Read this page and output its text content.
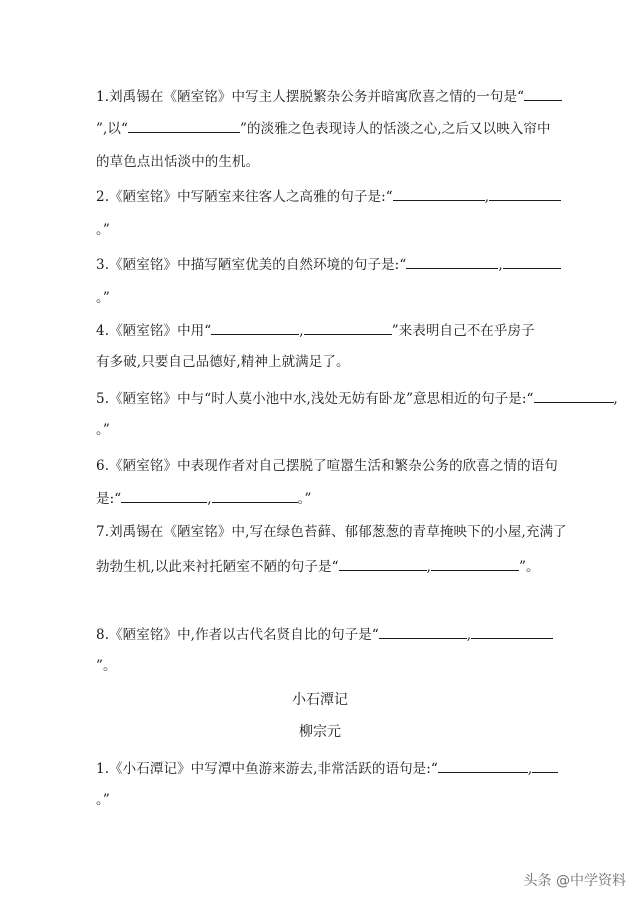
1.刘禹锡在《陋室铭》中写主人摆脱繁杂公务并暗寓欣喜之情的一句是“
”,以“	”的淡雅之色表现诗人的恬淡之心,之后又以映入帘中
的草色点出恬淡中的生机。
2.《陋室铭》中写陋室来往客人之高雅的句子是:“	,
。”
3.《陋室铭》中描写陋室优美的自然环境的句子是:“	,
。”
4.《陋室铭》中用“	,	”来表明自己不在乎房子
有多破,只要自己品德好,精神上就满足了。
5.《陋室铭》中与“时人莫小池中水,浅处无妨有卧龙”意思相近的句子是:“	,
。”
6.《陋室铭》中表现作者对自己摆脱了喧嚣生活和繁杂公务的欣喜之情的语句
是:“	,	。”
7.刘禹锡在《陋室铭》中,写在绿色苔藓、郁郁葱葱的青草掩映下的小屋,充满了
勃勃生机,以此来衬托陋室不陋的句子是“	,	”。
8.《陋室铭》中,作者以古代名贤自比的句子是“	,
”。
小石潭记
柳宗元
1.《小石潭记》中写潭中鱼游来游去,非常活跃的语句是:“	,
。”
头条 @中学资料
